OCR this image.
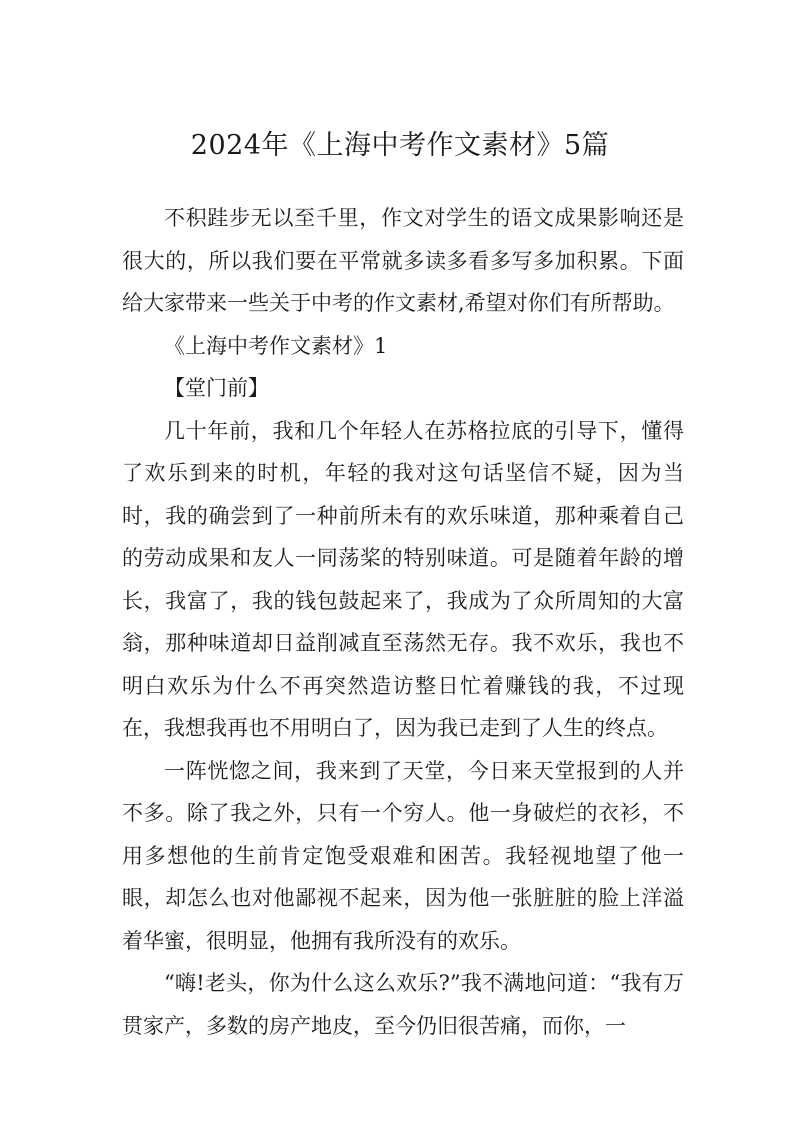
2024年《上海中考作文素材》5篇

不积跬步无以至千里，作文对学生的语文成果影响还是很大的，所以我们要在平常就多读多看多写多加积累。下面给大家带来一些关于中考的作文素材,希望对你们有所帮助。

《上海中考作文素材》1

【堂门前】

几十年前，我和几个年轻人在苏格拉底的引导下，懂得了欢乐到来的时机，年轻的我对这句话坚信不疑，因为当时，我的确尝到了一种前所未有的欢乐味道，那种乘着自己的劳动成果和友人一同荡桨的特别味道。可是随着年龄的增长，我富了，我的钱包鼓起来了，我成为了众所周知的大富翁，那种味道却日益削减直至荡然无存。我不欢乐，我也不明白欢乐为什么不再突然造访整日忙着赚钱的我，不过现在，我想我再也不用明白了，因为我已走到了人生的终点。

一阵恍惚之间，我来到了天堂，今日来天堂报到的人并不多。除了我之外，只有一个穷人。他一身破烂的衣衫，不用多想他的生前肯定饱受艰难和困苦。我轻视地望了他一眼，却怎么也对他鄙视不起来，因为他一张脏脏的脸上洋溢着华蜜，很明显，他拥有我所没有的欢乐。

“嗨!老头，你为什么这么欢乐?”我不满地问道：“我有万贯家产，多数的房产地皮，至今仍旧很苦痛，而你，一
